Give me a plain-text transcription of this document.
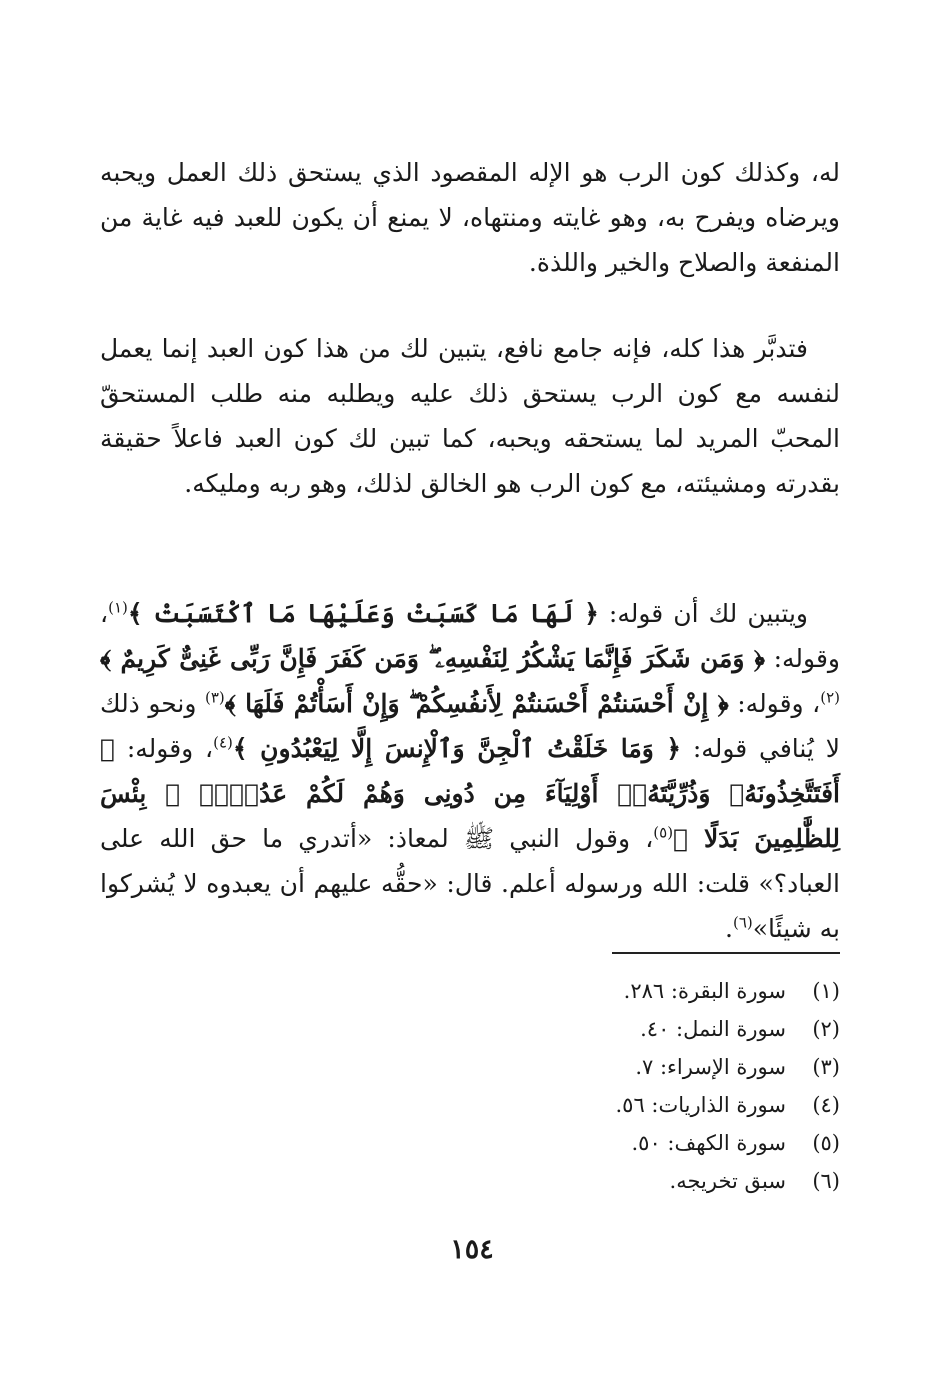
له، وكذلك كون الرب هو الإله المقصود الذي يستحق ذلك العمل ويحبه ويرضاه ويفرح به، وهو غايته ومنتهاه، لا يمنع أن يكون للعبد فيه غاية من المنفعة والصلاح والخير واللذة.

فتدبَّر هذا كله، فإنه جامع نافع، يتبين لك من هذا كون العبد إنما يعمل لنفسه مع كون الرب يستحق ذلك عليه ويطلبه منه طلب المستحقّ المحبّ المريد لما يستحقه ويحبه، كما تبين لك كون العبد فاعلاً حقيقة بقدرته ومشيئته، مع كون الرب هو الخالق لذلك، وهو ربه ومليكه.

ويتبين لك أن قوله: ﴿ لَهَا مَا كَسَبَتْ وَعَلَيْهَا مَا ٱكْتَسَبَتْ ﴾$^{(١)}$، وقوله: ﴿ وَمَن شَكَرَ فَإِنَّمَا يَشْكُرُ لِنَفْسِهِۦ ۖ وَمَن كَفَرَ فَإِنَّ رَبِّى غَنِىٌّ كَرِيمٌ ﴾$^{(٢)}$، وقوله: ﴿ إِنْ أَحْسَنتُمْ أَحْسَنتُمْ لِأَنفُسِكُمْ ۖ وَإِنْ أَسَأْتُمْ فَلَهَا ﴾$^{(٣)}$ ونحو ذلك لا يُنافي قوله: ﴿ وَمَا خَلَقْتُ ٱلْجِنَّ وَٱلْإِنسَ إِلَّا لِيَعْبُدُونِ ﴾$^{(٤)}$، وقوله: ﴿ أَفَتَتَّخِذُونَهُۥ وَذُرِّيَّتَهُۥٓ أَوْلِيَآءَ مِن دُونِى وَهُمْ لَكُمْ عَدُوٌّۢ ۚ بِئْسَ لِلظَّٰلِمِينَ بَدَلًا ﴾$^{(٥)}$، وقول النبي ﷺ لمعاذ: «أتدري ما حق الله على العباد؟» قلت: الله ورسوله أعلم. قال: «حقُّه عليهم أن يعبدوه لا يُشركوا به شيئًا»$^{(٦)}$.

(١)
سورة البقرة: ٢٨٦.
(٢)
سورة النمل: ٤٠.
(٣)
سورة الإسراء: ٧.
(٤)
سورة الذاريات: ٥٦.
(٥)
سورة الكهف: ٥٠.
(٦)
سبق تخريجه.
١٥٤
